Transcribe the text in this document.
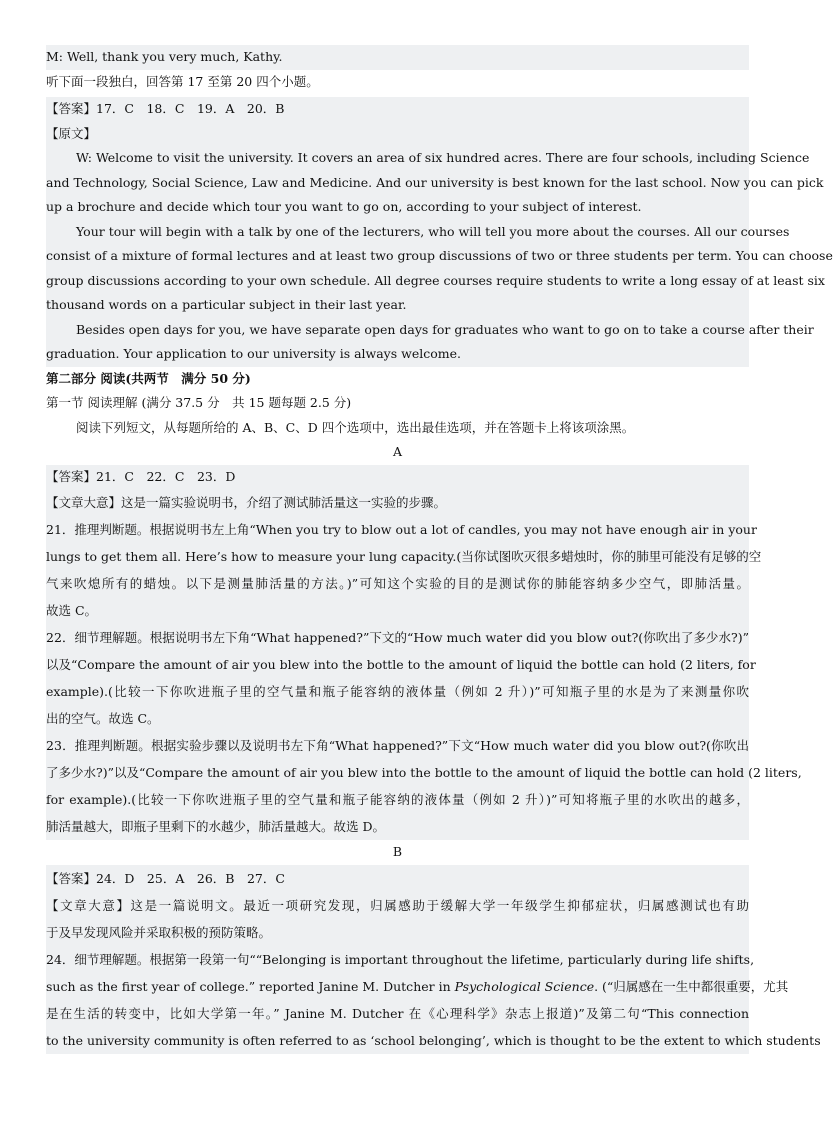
M: Well, thank you very much, Kathy.
听下面一段独白，回答第 17 至第 20 四个小题。
【答案】17．C　18．C　19．A　20．B
【原文】
W: Welcome to visit the university. It covers an area of six hundred acres. There are four schools, including Science
and Technology, Social Science, Law and Medicine. And our university is best known for the last school. Now you can pick
up a brochure and decide which tour you want to go on, according to your subject of interest.
Your tour will begin with a talk by one of the lecturers, who will tell you more about the courses. All our courses
consist of a mixture of formal lectures and at least two group discussions of two or three students per term. You can choose
group discussions according to your own schedule. All degree courses require students to write a long essay of at least six
thousand words on a particular subject in their last year.
Besides open days for you, we have separate open days for graduates who want to go on to take a course after their
graduation. Your application to our university is always welcome.
第二部分 阅读(共两节　满分 50 分)
第一节 阅读理解 (满分 37.5 分　共 15 题每题 2.5 分)
阅读下列短文，从每题所给的 A、B、C、D 四个选项中，选出最佳选项，并在答题卡上将该项涂黑。
A
【答案】21．C　22．C　23．D
【文章大意】这是一篇实验说明书，介绍了测试肺活量这一实验的步骤。
21．推理判断题。根据说明书左上角“When you try to blow out a lot of candles, you may not have enough air in your
lungs to get them all. Here’s how to measure your lung capacity.(当你试图吹灭很多蜡烛时，你的肺里可能没有足够的空
气来吹熄所有的蜡烛。以下是测量肺活量的方法。)”可知这个实验的目的是测试你的肺能容纳多少空气，即肺活量。
故选 C。
22．细节理解题。根据说明书左下角“What happened?”下文的“How much water did you blow out?(你吹出了多少水?)”
以及“Compare the amount of air you blew into the bottle to the amount of liquid the bottle can hold (2 liters, for
example).(比较一下你吹进瓶子里的空气量和瓶子能容纳的液体量（例如 2 升）)”可知瓶子里的水是为了来测量你吹
出的空气。故选 C。
23．推理判断题。根据实验步骤以及说明书左下角“What happened?”下文“How much water did you blow out?(你吹出
了多少水?)”以及“Compare the amount of air you blew into the bottle to the amount of liquid the bottle can hold (2 liters,
for example).(比较一下你吹进瓶子里的空气量和瓶子能容纳的液体量（例如 2 升）)”可知将瓶子里的水吹出的越多，
肺活量越大，即瓶子里剩下的水越少，肺活量越大。故选 D。
B
【答案】24．D　25．A　26．B　27．C
【文章大意】这是一篇说明文。最近一项研究发现，归属感助于缓解大学一年级学生抑郁症状，归属感测试也有助
于及早发现风险并采取积极的预防策略。
24．细节理解题。根据第一段第一句““Belonging is important throughout the lifetime, particularly during life shifts,
such as the first year of college.” reported Janine M. Dutcher in Psychological Science. (“归属感在一生中都很重要，尤其
是在生活的转变中，比如大学第一年。” Janine M. Dutcher 在《心理科学》杂志上报道)”及第二句“This connection
to the university community is often referred to as ‘school belonging’, which is thought to be the extent to which students
